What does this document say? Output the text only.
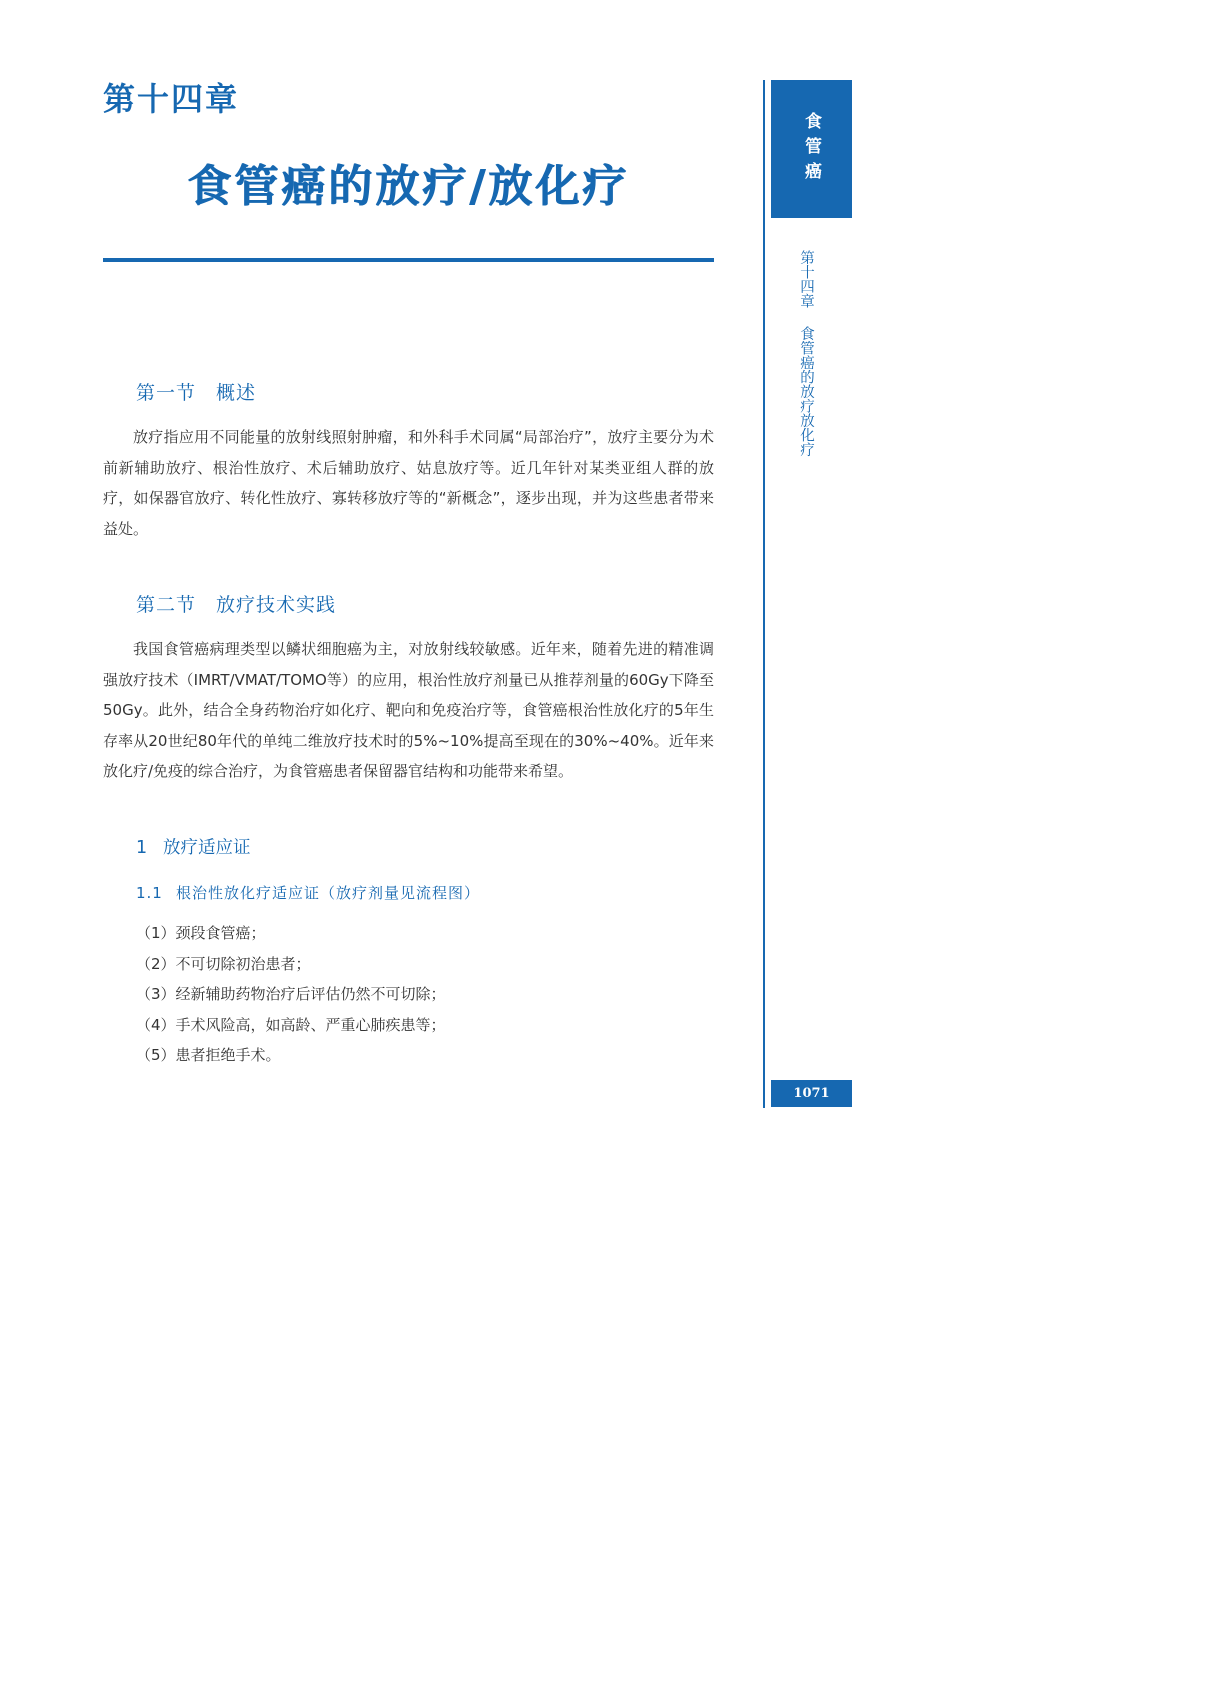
第十四章
食管癌的放疗/放化疗
第一节 概述

放疗指应用不同能量的放射线照射肿瘤，和外科手术同属“局部治疗”，放疗主要分为术前新辅助放疗、根治性放疗、术后辅助放疗、姑息放疗等。近几年针对某类亚组人群的放疗，如保器官放疗、转化性放疗、寡转移放疗等的“新概念”，逐步出现，并为这些患者带来益处。

第二节 放疗技术实践

我国食管癌病理类型以鳞状细胞癌为主，对放射线较敏感。近年来，随着先进的精准调强放疗技术（IMRT/VMAT/TOMO等）的应用，根治性放疗剂量已从推荐剂量的60Gy下降至50Gy。此外，结合全身药物治疗如化疗、靶向和免疫治疗等，食管癌根治性放化疗的5年生存率从20世纪80年代的单纯二维放疗技术时的5%~10%提高至现在的30%~40%。近年来放化疗/免疫的综合治疗，为食管癌患者保留器官结构和功能带来希望。

1 放疗适应证
1.1 根治性放化疗适应证（放疗剂量见流程图）
（1）颈段食管癌；
（2）不可切除初治患者；
（3）经新辅助药物治疗后评估仍然不可切除；
（4）手术风险高，如高龄、严重心肺疾患等；
（5）患者拒绝手术。
食管癌
第十四章食管癌的放疗放化疗
1071
